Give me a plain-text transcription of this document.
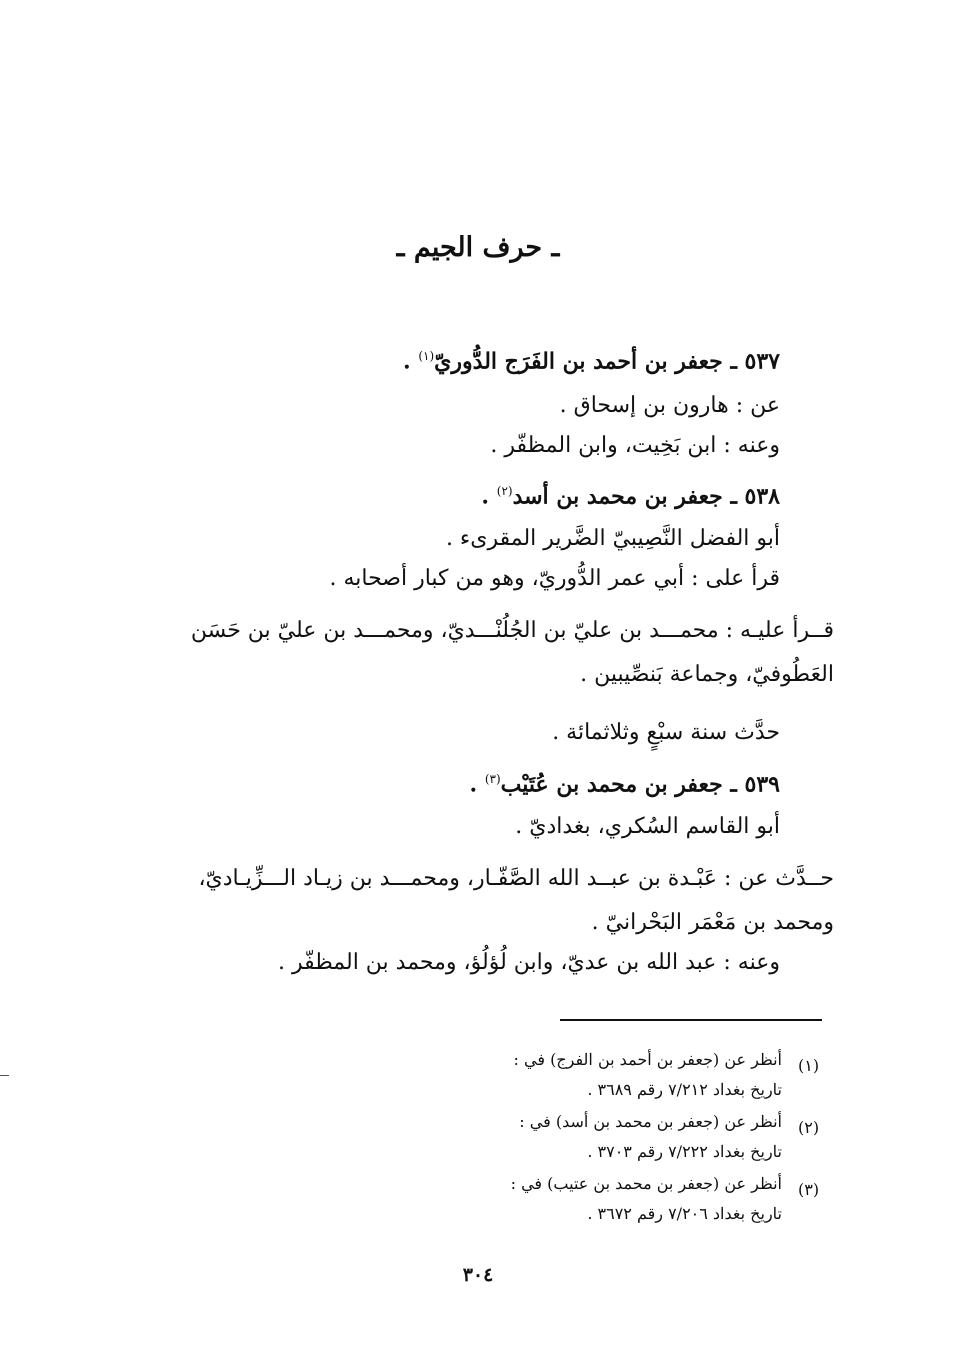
ـ حرف الجيم ـ
٥٣٧ ـ جعفر بن أحمد بن الفَرَج الدُّوريّ$^{(١)}$ .
عن : هارون بن إسحاق .
وعنه : ابن بَخِيت، وابن المظفّر .
٥٣٨ ـ جعفر بن محمد بن أسد$^{(٢)}$ .
أبو الفضل النَّصِيبيّ الضَّرير المقرىء .
قرأ على : أبي عمر الدُّوريّ، وهو من كبار أصحابه .
قــرأ عليـه : محمـــد بن عليّ بن الجُلُنْـــديّ، ومحمـــد بن عليّ بن حَسَن
العَطُوفيّ، وجماعة بَنصِّيبين .
حدَّث سنة سبْعٍ وثلاثمائة .
٥٣٩ ـ جعفر بن محمد بن عُتَيْب$^{(٣)}$ .
أبو القاسم السُكري، بغداديّ .
حــدَّث عن : عَبْـدة بن عبــد الله الصَّفّـار، ومحمـــد بن زيـاد الـــزِّيـاديّ،
ومحمد بن مَعْمَر البَحْرانيّ .
وعنه : عبد الله بن عديّ، وابن لُؤلُؤ، ومحمد بن المظفّر .
(١)
أنظر عن (جعفر بن أحمد بن الفرج) في :
تاريخ بغداد ٧/٢١٢ رقم ٣٦٨٩ .
(٢)
أنظر عن (جعفر بن محمد بن أسد) في :
تاريخ بغداد ٧/٢٢٢ رقم ٣٧٠٣ .
(٣)
أنظر عن (جعفر بن محمد بن عتيب) في :
تاريخ بغداد ٧/٢٠٦ رقم ٣٦٧٢ .
٣٠٤
